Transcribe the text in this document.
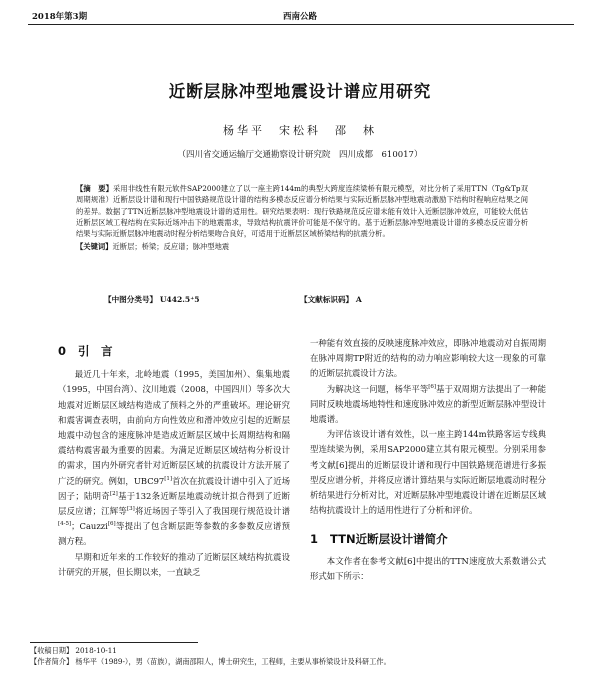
2018年第3期	西南公路
近断层脉冲型地震设计谱应用研究
杨华平　宋松科　邵　林
（四川省交通运输厅交通勘察设计研究院　四川成都　610017）
【摘　要】采用非线性有限元软件SAP2000建立了以一座主跨144m的典型大跨度连续梁桥有限元模型，对比分析了采用TTN（Tg&Tp双周期规准）近断层设计谱和现行中国铁路规范设计谱的结构多模态反应谱分析结果与实际近断层脉冲型地震动激励下结构时程响应结果之间的差异。数据了TTN近断层脉冲型地震设计谱的适用性。研究结果表明：现行铁路规范反应谱未能有效计入近断层脉冲效应，可能较大低估近断层区域工程结构在实际近场冲击下的地震需求，导致结构抗震评价可能是不保守的。基于近断层脉冲型地震设计谱的多模态反应谱分析结果与实际近断层脉冲地震动时程分析结果吻合良好，可适用于近断层区域桥梁结构的抗震分析。
【关键词】近断层；桥梁；反应谱；脉冲型地震
【中图分类号】 U442.5⁺5	【文献标识码】 A
0 引　言

最近几十年来，北岭地震（1995，美国加州）、集集地震（1995，中国台湾）、汶川地震（2008，中国四川）等多次大地震对近断层区域结构造成了预料之外的严重破坏。理论研究和震害调查表明，由前向方向性效应和滑冲效应引起的近断层地震中动包含的速度脉冲是造成近断层区域中长周期结构和隔震结构震害最为重要的因素。为满足近断层区域结构分析设计的需求，国内外研究者针对近断层区域的抗震设计方法开展了广泛的研究。例如，UBC97[1]首次在抗震设计谱中引入了近场因子；陆明奇[2]基于132条近断层地震动统计拟合得到了近断层反应谱；江辉等[3]将近场因子等引入了我国现行规范设计谱[4-5]；Cauzzi[6]等提出了包含断层距等参数的多参数反应谱预测方程。

早期和近年来的工作较好的推动了近断层区域结构抗震设计研究的开展，但长期以来，一直缺乏

一种能有效直接的反映速度脉冲效应，即脉冲地震动对自振周期在脉冲周期TP附近的结构的动力响应影响较大这一现象的可靠的近断层抗震设计方法。

为解决这一问题，杨华平等[6]基于双周期方法提出了一种能同时反映地震场地特性和速度脉冲效应的新型近断层脉冲型设计地震谱。

为评估该设计谱有效性，以一座主跨144m铁路客运专线典型连续梁为例，采用SAP2000建立其有限元模型。分别采用参考文献[6]提出的近断层设计谱和现行中国铁路规范谱进行多振型反应谱分析，并将反应谱计算结果与实际近断层地震动时程分析结果进行分析对比，对近断层脉冲型地震设计谱在近断层区域结构抗震设计上的适用性进行了分析和评价。

1 TTN近断层设计谱简介

本文作者在参考文献[6]中提出的TTN速度放大系数谱公式形式如下所示：

【收稿日期】 2018-10-11
【作者简介】 杨华平（1989-），男（苗族），湖南邵阳人，博士研究生，工程师，主要从事桥梁设计及科研工作。
